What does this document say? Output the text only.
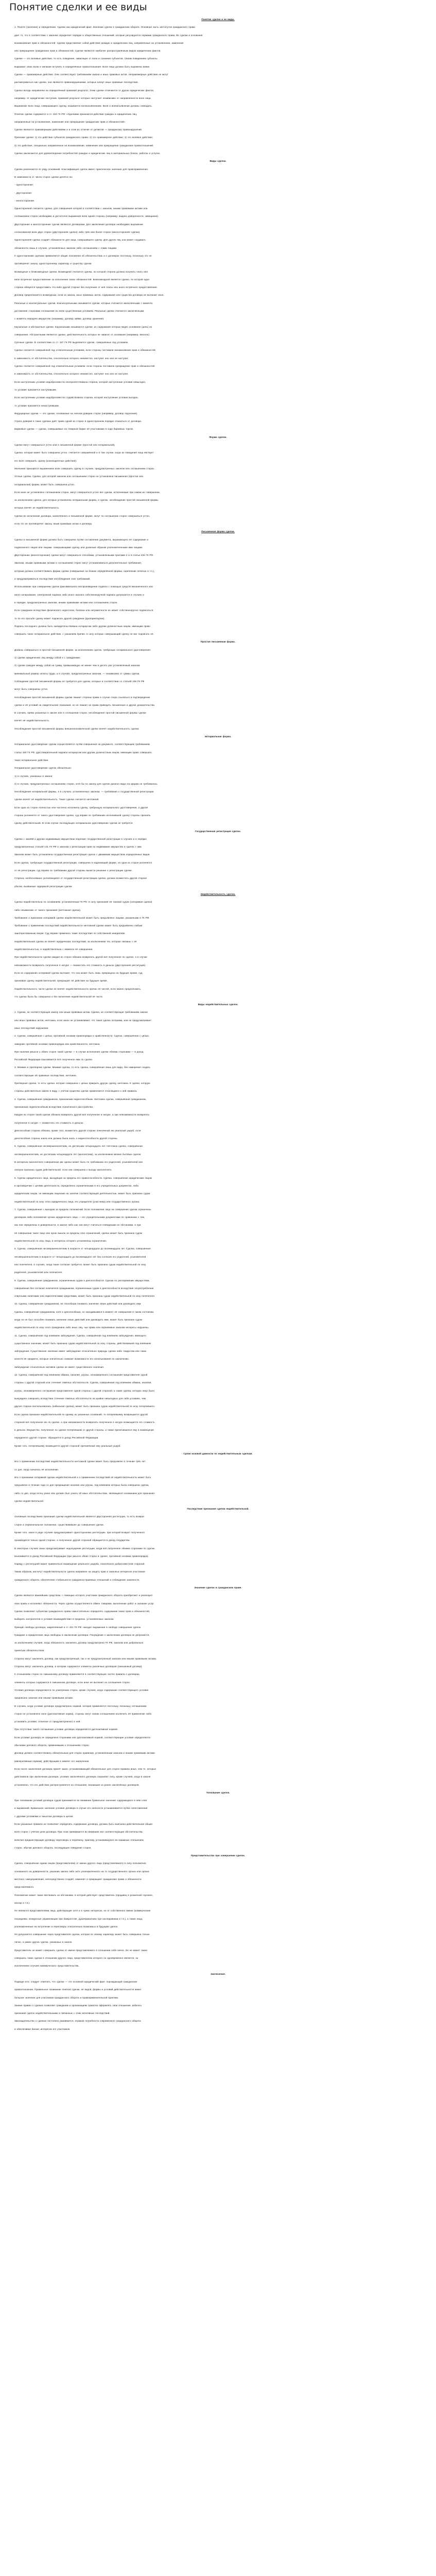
Понятие сделки и ее виды

Понятие сделки и ее виды.

1. Поняте (значение) и определение. Сделки как юридический факт. Значение сделок в гражданском обороте. Основная часть институтов гражданского права

дает то, что в соответствии с законом определяет порядок и общественных отношений, которые регулируются нормами гражданского права. Во сделки и основания

возникновения прав и обязанностей. Сделки представляют собой действия граждан и юридических лиц, направленные на установление, изменение

или прекращение гражданских прав и обязанностей. Сделки являются наиболее распространённым видом юридических фактов.

Сделки — это волевые действия, то есть поведение, зависящее от воли и сознания субъектов. Своим поведением субъекты

выражают свою волю и желание вступить в определённые правоотношения. Воля лица должна быть выражена вовне.

Сделки — правомерные действия. Они соответствуют требованиям закона и иных правовых актов. Неправомерные действия не могут

рассматриваться как сделки, они являются правонарушениями, которые влекут иные правовые последствия.

Сделка всегда направлена на определённый правовой результат. Этим сделки отличаются от других юридических фактов,

например, от юридических поступков, правовой результат которых наступает независимо от направленности воли лица.

Выражение воли лица, совершающего сделку, называется волеизъявлением. Воля и волеизъявление должны совпадать.

Понятие сделки содержится в ст. 153 ГК РФ: «Сделками признаются действия граждан и юридических лиц,

направленные на установление, изменение или прекращение гражданских прав и обязанностей».

Сделки являются правомерными действиями и в этом их отличие от деликтов — гражданских правонарушений.

Признаки сделки: 1) это действие субъектов гражданского права; 2) это правомерное действие; 3) это волевое действие;

4) это действие, специально направленное на возникновение, изменение или прекращение гражданских правоотношений.

Сделки заключаются для удовлетворения потребностей граждан и юридических лиц в материальных благах, работах и услугах.

Виды сделок.

Сделки различаются по ряду оснований. Классификация сделок имеет практическое значение для правоприменения.

В зависимости от числа сторон сделки делятся на:

- односторонние;

- двусторонние;

- многосторонние.

Односторонней считается сделка, для совершения которой в соответствии с законом, иными правовыми актами или

соглашением сторон необходимо и достаточно выражения воли одной стороны (например, выдача доверенности, завещание).

Двусторонние и многосторонние сделки являются договорами. Для заключения договора необходимо выражение

согласованной воли двух сторон (двусторонняя сделка) либо трёх или более сторон (многосторонняя сделка).

Односторонняя сделка создаёт обязанности для лица, совершившего сделку. Для других лиц она может создавать

обязанности лишь в случаях, установленных законом либо соглашением с этими лицами.

К односторонним сделкам применяются общие положения об обязательствах и о договорах постольку, поскольку это не

противоречит закону, одностороннему характеру и существу сделки.

Возмездные и безвозмездные сделки. Возмездной считается сделка, по которой сторона должна получить плату или

иное встречное предоставление за исполнение своих обязанностей. Безвозмездной является сделка, по которой одна

сторона обязуется предоставить что-либо другой стороне без получения от неё платы или иного встречного предоставления.

Договор предполагается возмездным, если из закона, иных правовых актов, содержания или существа договора не вытекает иное.

Реальные и консенсуальные сделки. Консенсуальными называются сделки, которые считаются заключёнными с момента

достижения сторонами соглашения по всем существенным условиям. Реальные сделки считаются заключёнными

с момента передачи имущества (например, договор займа, договор хранения).

Каузальные и абстрактные сделки. Каузальными называются сделки, из содержания которых видно основание (цель) их

совершения. Абстрактными являются сделки, действительность которых не зависит от основания (например, вексель).

Срочные сделки. В соответствии со ст. 157 ГК РФ выделяются сделки, совершённые под условием.

Сделка считается совершённой под отлагательным условием, если стороны поставили возникновение прав и обязанностей

в зависимость от обстоятельства, относительно которого неизвестно, наступит оно или не наступит.

Сделка считается совершённой под отменительным условием, если стороны поставили прекращение прав и обязанностей

в зависимость от обстоятельства, относительно которого неизвестно, наступит оно или не наступит.

Если наступлению условия недобросовестно воспрепятствовала сторона, которой наступление условия невыгодно,

то условие признаётся наступившим.

Если наступлению условия недобросовестно содействовала сторона, которой наступление условия выгодно,

то условие признаётся ненаступившим.

Фидуциарные сделки — это сделки, основанные на личном доверии сторон (например, договор поручения).

Утрата доверия в таких сделках даёт право одной из сторон в одностороннем порядке отказаться от договора.

Биржевые сделки — сделки, совершаемые на товарной бирже её участниками в ходе биржевых торгов.

Форма сделок.

Сделки могут совершаться устно или в письменной форме (простой или нотариальной).

Сделка, которая может быть совершена устно, считается совершённой и в том случае, когда из поведения лица явствует

его воля совершить сделку (конклюдентные действия).

Молчание признаётся выражением воли совершить сделку в случаях, предусмотренных законом или соглашением сторон.

Устные сделки. Сделка, для которой законом или соглашением сторон не установлена письменная (простая или

нотариальная) форма, может быть совершена устно.

Если иное не установлено соглашением сторон, могут совершаться устно все сделки, исполняемые при самом их совершении,

за исключением сделок, для которых установлена нотариальная форма, и сделок, несоблюдение простой письменной формы

которых влечёт их недействительность.

Сделки во исполнение договора, заключённого в письменной форме, могут по соглашению сторон совершаться устно,

если это не противоречит закону, иным правовым актам и договору.

Письменная форма сделки.

Сделка в письменной форме должна быть совершена путём составления документа, выражающего её содержание и

подписанного лицом или лицами, совершающими сделку, или должным образом уполномоченными ими лицами.

Двусторонние (многосторонние) сделки могут совершаться способами, установленными пунктами 2 и 3 статьи 434 ГК РФ.

Законом, иными правовыми актами и соглашением сторон могут устанавливаться дополнительные требования,

которым должна соответствовать форма сделки (совершение на бланке определённой формы, скрепление печатью и т.п.),

и предусматриваться последствия несоблюдения этих требований.

Использование при совершении сделок факсимильного воспроизведения подписи с помощью средств механического или

иного копирования, электронной подписи либо иного аналога собственноручной подписи допускается в случаях и

в порядке, предусмотренных законом, иными правовыми актами или соглашением сторон.

Если гражданин вследствие физического недостатка, болезни или неграмотности не может собственноручно подписаться,

то по его просьбе сделку может подписать другой гражданин (рукоприкладчик).

Подпись последнего должна быть засвидетельствована нотариусом либо другим должностным лицом, имеющим право

совершать такое нотариальное действие, с указанием причин, в силу которых совершающий сделку не мог подписать её.

Простая письменная форма.

Должны совершаться в простой письменной форме, за исключением сделок, требующих нотариального удостоверения:

1) сделки юридических лиц между собой и с гражданами;

2) сделки граждан между собой на сумму, превышающую не менее чем в десять раз установленный законом

минимальный размер оплаты труда, а в случаях, предусмотренных законом, — независимо от суммы сделки.

Соблюдение простой письменной формы не требуется для сделок, которые в соответствии со статьёй 159 ГК РФ

могут быть совершены устно.

Несоблюдение простой письменной формы сделки лишает стороны права в случае спора ссылаться в подтверждение

сделки и её условий на свидетельские показания, но не лишает их права приводить письменные и другие доказательства.

В случаях, прямо указанных в законе или в соглашении сторон, несоблюдение простой письменной формы сделки

влечёт её недействительность.

Несоблюдение простой письменной формы внешнеэкономической сделки влечёт недействительность сделки.

Нотариальная форма.

Нотариальное удостоверение сделки осуществляется путём совершения на документе, соответствующем требованиям

статьи 160 ГК РФ, удостоверительной надписи нотариусом или другим должностным лицом, имеющим право совершать

такое нотариальное действие.

Нотариальное удостоверение сделок обязательно:

1) в случаях, указанных в законе;

2) в случаях, предусмотренных соглашением сторон, хотя бы по закону для сделок данного вида эта форма не требовалась.

Несоблюдение нотариальной формы, а в случаях, установленных законом, — требования о государственной регистрации

сделки влечёт её недействительность. Такая сделка считается ничтожной.

Если одна из сторон полностью или частично исполнила сделку, требующую нотариального удостоверения, а другая

сторона уклоняется от такого удостоверения сделки, суд вправе по требованию исполнившей сделку стороны признать

сделку действительной. В этом случае последующее нотариальное удостоверение сделки не требуется.

Государственная регистрация сделок.

Сделки с землёй и другим недвижимым имуществом подлежат государственной регистрации в случаях и в порядке,

предусмотренных статьёй 131 ГК РФ и законом о регистрации прав на недвижимое имущество и сделок с ним.

Законом может быть установлена государственная регистрация сделок с движимым имуществом определённых видов.

Если сделка, требующая государственной регистрации, совершена в надлежащей форме, но одна из сторон уклоняется

от её регистрации, суд вправе по требованию другой стороны вынести решение о регистрации сделки.

Сторона, необоснованно уклоняющаяся от государственной регистрации сделки, должна возместить другой стороне

убытки, вызванные задержкой регистрации сделки.

Недействительность сделок.

Сделка недействительна по основаниям, установленным ГК РФ, в силу признания её таковой судом (оспоримая сделка)

либо независимо от такого признания (ничтожная сделка).

Требование о признании оспоримой сделки недействительной может быть предъявлено лицами, указанными в ГК РФ.

Требование о применении последствий недействительности ничтожной сделки может быть предъявлено любым

заинтересованным лицом. Суд вправе применить такие последствия по собственной инициативе.

Недействительная сделка не влечёт юридических последствий, за исключением тех, которые связаны с её

недействительностью, и недействительна с момента её совершения.

При недействительности сделки каждая из сторон обязана возвратить другой всё полученное по сделке, а в случае

невозможности возвратить полученное в натуре — возместить его стоимость в деньгах (двусторонняя реституция).

Если из содержания оспоримой сделки вытекает, что она может быть лишь прекращена на будущее время, суд,

признавая сделку недействительной, прекращает её действие на будущее время.

Недействительность части сделки не влечёт недействительности прочих её частей, если можно предположить,

что сделка была бы совершена и без включения недействительной её части.

Виды недействительных сделок.

1. Сделка, не соответствующая закону или иным правовым актам. Сделка, не соответствующая требованиям закона

или иных правовых актов, ничтожна, если закон не устанавливает, что такая сделка оспорима, или не предусматривает

иных последствий нарушения.

2. Сделка, совершённая с целью, противной основам правопорядка и нравственности. Сделка, совершённая с целью,

заведомо противной основам правопорядка или нравственности, ничтожна.

При наличии умысла у обеих сторон такой сделки — в случае исполнения сделки обеими сторонами — в доход

Российской Федерации взыскивается всё полученное ими по сделке.

3. Мнимая и притворная сделки. Мнимая сделка, то есть сделка, совершённая лишь для вида, без намерения создать

соответствующие ей правовые последствия, ничтожна.

Притворная сделка, то есть сделка, которая совершена с целью прикрыть другую сделку, ничтожна. К сделке, которую

стороны действительно имели в виду, с учётом существа сделки применяются относящиеся к ней правила.

4. Сделка, совершённая гражданином, признанным недееспособным. Ничтожна сделка, совершённая гражданином,

признанным недееспособным вследствие психического расстройства.

Каждая из сторон такой сделки обязана возвратить другой всё полученное в натуре, а при невозможности возвратить

полученное в натуре — возместить его стоимость в деньгах.

Дееспособная сторона обязана, кроме того, возместить другой стороне понесённый ею реальный ущерб, если

дееспособная сторона знала или должна была знать о недееспособности другой стороны.

5. Сделка, совершённая несовершеннолетним, не достигшим четырнадцати лет. Ничтожна сделка, совершённая

несовершеннолетним, не достигшим четырнадцати лет (малолетним), за исключением мелких бытовых сделок.

В интересах малолетнего совершённая им сделка может быть по требованию его родителей, усыновителей или

опекуна признана судом действительной, если она совершена к выгоде малолетнего.

6. Сделка юридического лица, выходящая за пределы его правоспособности. Сделка, совершённая юридическим лицом

в противоречии с целями деятельности, определённо ограниченными в его учредительных документах, либо

юридическим лицом, не имеющим лицензию на занятие соответствующей деятельностью, может быть признана судом

недействительной по иску этого юридического лица, его учредителя (участника) или государственного органа.

7. Сделка, совершённая с выходом за пределы полномочий. Если полномочия лица на совершение сделки ограничены

договором либо полномочия органа юридического лица — его учредительными документами по сравнению с тем,

как они определены в доверенности, в законе либо как они могут считаться очевидными из обстановки, и при

её совершении такое лицо или орган вышли за пределы этих ограничений, сделка может быть признана судом

недействительной по иску лица, в интересах которого установлены ограничения.

8. Сделка, совершённая несовершеннолетним в возрасте от четырнадцати до восемнадцати лет. Сделка, совершённая

несовершеннолетним в возрасте от четырнадцати до восемнадцати лет без согласия его родителей, усыновителей

или попечителя, в случаях, когда такое согласие требуется, может быть признана судом недействительной по иску

родителей, усыновителей или попечителя.

9. Сделка, совершённая гражданином, ограниченным судом в дееспособности. Сделка по распоряжению имуществом,

совершённая без согласия попечителя гражданином, ограниченным судом в дееспособности вследствие злоупотребления

спиртными напитками или наркотическими средствами, может быть признана судом недействительной по иску попечителя.

10. Сделка, совершённая гражданином, не способным понимать значение своих действий или руководить ими.

Сделка, совершённая гражданином, хотя и дееспособным, но находившимся в момент её совершения в таком состоянии,

когда он не был способен понимать значение своих действий или руководить ими, может быть признана судом

недействительной по иску этого гражданина либо иных лиц, чьи права или охраняемые законом интересы нарушены.

11. Сделка, совершённая под влиянием заблуждения. Сделка, совершённая под влиянием заблуждения, имеющего

существенное значение, может быть признана судом недействительной по иску стороны, действовавшей под влиянием

заблуждения. Существенное значение имеет заблуждение относительно природы сделки либо тождества или таких

качеств её предмета, которые значительно снижают возможности его использования по назначению.

Заблуждение относительно мотивов сделки не имеет существенного значения.

12. Сделка, совершённая под влиянием обмана, насилия, угрозы, злонамеренного соглашения представителя одной

стороны с другой стороной или стечения тяжёлых обстоятельств. Сделка, совершённая под влиянием обмана, насилия,

угрозы, злонамеренного соглашения представителя одной стороны с другой стороной, а также сделка, которую лицо было

вынуждено совершить вследствие стечения тяжёлых обстоятельств на крайне невыгодных для себя условиях, чем

другая сторона воспользовалась (кабальная сделка), может быть признана судом недействительной по иску потерпевшего.

Если сделка признана недействительной по одному из указанных оснований, то потерпевшему возвращается другой

стороной всё полученное ею по сделке, а при невозможности возвратить полученное в натуре возмещается его стоимость

в деньгах. Имущество, полученное по сделке потерпевшим от другой стороны, а также причитавшееся ему в возмещение

переданного другой стороне, обращается в доход Российской Федерации.

Кроме того, потерпевшему возмещается другой стороной причинённый ему реальный ущерб.

Сроки исковой давности по недействительным сделкам.

Иск о применении последствий недействительности ничтожной сделки может быть предъявлен в течение трёх лет

со дня, когда началось её исполнение.

Иск о признании оспоримой сделки недействительной и о применении последствий её недействительности может быть

предъявлен в течение года со дня прекращения насилия или угрозы, под влиянием которых была совершена сделка,

либо со дня, когда истец узнал или должен был узнать об иных обстоятельствах, являющихся основанием для признания

сделки недействительной.

Последствия признания сделки недействительной.

Основным последствием признания сделки недействительной является двусторонняя реституция, то есть возврат

сторон в первоначальное положение, существовавшее до совершения сделки.

Кроме того, закон в ряде случаев предусматривает одностороннюю реституцию, при которой возврат полученного

производится только одной стороне, а полученное другой стороной обращается в доход государства.

В некоторых случаях закон предусматривает недопущение реституции, когда всё полученное обеими сторонами по сделке

взыскивается в доход Российской Федерации (при умысле обеих сторон в сделке, противной основам правопорядка).

Наряду с реституцией может применяться возмещение реального ущерба, понесённого добросовестной стороной.

Таким образом, институт недействительности сделок направлен на защиту прав и законных интересов участников

гражданского оборота, обеспечение стабильности гражданско-правовых отношений и соблюдение законности.

Значение сделок в гражданском праве.

Сделки являются важнейшим средством, с помощью которого участники гражданского оборота приобретают и реализуют

свои права и исполняют обязанности. Через сделки осуществляется обмен товарами, выполнение работ и оказание услуг.

Сделки позволяют субъектам гражданского права самостоятельно определять содержание своих прав и обязанностей,

выбирать контрагентов и условия взаимодействия в пределах, установленных законом.

Принцип свободы договора, закреплённый в ст. 421 ГК РФ, находит выражение в свободе совершения сделок.

Граждане и юридические лица свободны в заключении договора. Понуждение к заключению договора не допускается,

за исключением случаев, когда обязанность заключить договор предусмотрена ГК РФ, законом или добровольно

принятым обязательством.

Стороны могут заключить договор, как предусмотренный, так и не предусмотренный законом или иными правовыми актами.

Стороны могут заключить договор, в котором содержатся элементы различных договоров (смешанный договор).

К отношениям сторон по смешанному договору применяются в соответствующих частях правила о договорах,

элементы которых содержатся в смешанном договоре, если иное не вытекает из соглашения сторон.

Условия договора определяются по усмотрению сторон, кроме случаев, когда содержание соответствующего условия

предписано законом или иными правовыми актами.

В случаях, когда условие договора предусмотрено нормой, которая применяется постольку, поскольку соглашением

сторон не установлено иное (диспозитивная норма), стороны могут своим соглашением исключить её применение либо

установить условие, отличное от предусмотренного в ней.

При отсутствии такого соглашения условие договора определяется диспозитивной нормой.

Если условие договора не определено сторонами или диспозитивной нормой, соответствующие условия определяются

обычаями делового оборота, применимыми к отношениям сторон.

Договор должен соответствовать обязательным для сторон правилам, установленным законом и иными правовыми актами

(императивным нормам), действующим в момент его заключения.

Если после заключения договора принят закон, устанавливающий обязательные для сторон правила иные, чем те, которые

действовали при заключении договора, условия заключённого договора сохраняют силу, кроме случаев, когда в законе

установлено, что его действие распространяется на отношения, возникшие из ранее заключённых договоров.

Толкование сделок.

При толковании условий договора судом принимается во внимание буквальное значение содержащихся в нём слов

и выражений. Буквальное значение условия договора в случае его неясности устанавливается путём сопоставления

с другими условиями и смыслом договора в целом.

Если указанные правила не позволяют определить содержание договора, должна быть выяснена действительная общая

воля сторон с учётом цели договора. При этом принимаются во внимание все соответствующие обстоятельства,

включая предшествующие договору переговоры и переписку, практику, установившуюся во взаимных отношениях

сторон, обычаи делового оборота, последующее поведение сторон.

Представительство при совершении сделок.

Сделка, совершённая одним лицом (представителем) от имени другого лица (представляемого) в силу полномочия,

основанного на доверенности, указании закона либо акте уполномоченного на то государственного органа или органа

местного самоуправления, непосредственно создаёт, изменяет и прекращает гражданские права и обязанности

представляемого.

Полномочие может также явствовать из обстановки, в которой действует представитель (продавец в розничной торговле,

кассир и т.п.).

Не являются представителями лица, действующие хотя и в чужих интересах, но от собственного имени (коммерческие

посредники, конкурсные управляющие при банкротстве, душеприказчики при наследовании и т.п.), а также лица,

уполномоченные на вступление в переговоры относительно возможных в будущем сделок.

Не допускается совершение через представителя сделки, которая по своему характеру может быть совершена только

лично, а равно других сделок, указанных в законе.

Представитель не может совершать сделки от имени представляемого в отношении себя лично. Он не может также

совершать такие сделки в отношении другого лица, представителем которого он одновременно является, за

исключением случаев коммерческого представительства.

Заключение.

Подводя итог, следует отметить, что сделка — это основной юридический факт, порождающий гражданские

правоотношения. Правильное понимание понятия сделки, её видов, формы и условий действительности имеет

большое значение для участников гражданского оборота и правоприменительной практики.

Знание правил о сделках позволяет гражданам и организациям грамотно оформлять свои отношения, избегать

признания сделок недействительными и связанных с этим негативных последствий.

Законодательство о сделках постоянно развивается, отражая потребности современного гражданского оборота

и обеспечивая баланс интересов его участников.
